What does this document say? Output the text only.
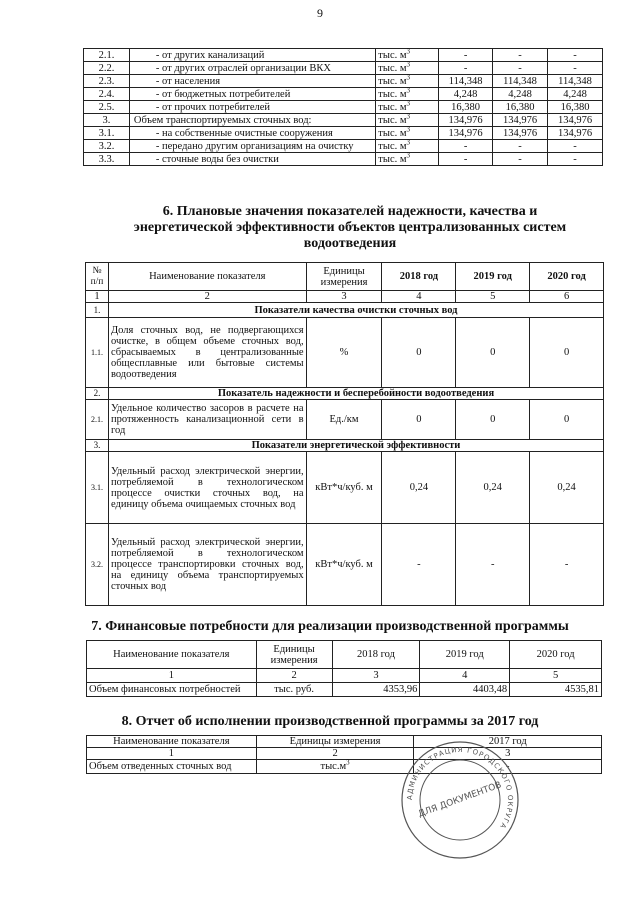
9
2.1.	- от других канализаций	тыс. $м^3$	-	-	-
2.2.	- от других отраслей организации ВКХ	тыс. $м^3$	-	-	-
2.3.	- от населения	тыс. $м^3$	114,348	114,348	114,348
2.4.	- от бюджетных потребителей	тыс. $м^3$	4,248	4,248	4,248
2.5.	- от прочих потребителей	тыс. $м^3$	16,380	16,380	16,380
3.	Объем транспортируемых сточных вод:	тыс. $м^3$	134,976	134,976	134,976
3.1.	- на собственные очистные сооружения	тыс. $м^3$	134,976	134,976	134,976
3.2.	- передано другим организациям на очистку	тыс. $м^3$	-	-	-
3.3.	- сточные воды без очистки	тыс. $м^3$	-	-	-
6. Плановые значения показателей надежности, качества и энергетической эффективности объектов централизованных систем водоотведения
№ п/п	Наименование показателя	Единицы измерения	2018 год	2019 год	2020 год
1	2	3	4	5	6
1.	Показатели качества очистки сточных вод				
1.1.	Доля сточных вод, не подвергающихся очистке, в общем объеме сточных вод, сбрасываемых в централизованные общесплавные или бытовые системы водоотведения	%	0	0	0
2.	Показатель надежности и бесперебойности водоотведения				
2.1.	Удельное количество засоров в расчете на протяженность канализационной сети в год	Ед./км	0	0	0
3.	Показатели энергетической эффективности				
3.1.	Удельный расход электрической энергии, потребляемой в технологическом процессе очистки сточных вод, на единицу объема очищаемых сточных вод	кВт*ч/куб. м	0,24	0,24	0,24
3.2.	Удельный расход электрической энергии, потребляемой в технологическом процессе транспортировки сточных вод, на единицу объема транспортируемых сточных вод	кВт*ч/куб. м	-	-	-
7. Финансовые потребности для реализации производственной программы
Наименование показателя	Единицы измерения	2018 год	2019 год	2020 год
1	2	3	4	5
Объем финансовых потребностей	тыс. руб.	4353,96	4403,48	4535,81
8. Отчет об исполнении производственной программы за 2017 год
Наименование показателя	Единицы измерения	2017 год
1	2	3
Объем отведенных сточных вод	$тыс.м^3$	-
АДМИНИСТРАЦИЯ ГОРОДСКОГО ОКРУГА
ДЛЯ ДОКУМЕНТОВ
